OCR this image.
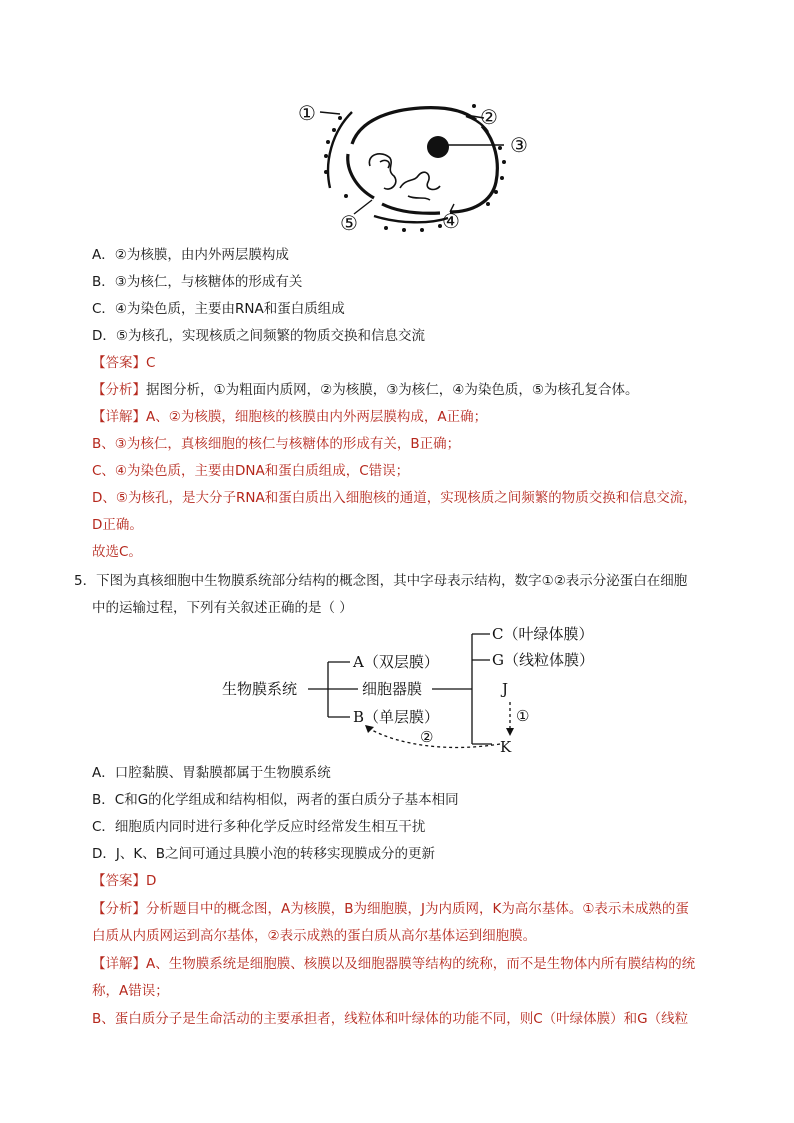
①	②
③
④
⑤
A．②为核膜，由内外两层膜构成
B．③为核仁，与核糖体的形成有关
C．④为染色质，主要由RNA和蛋白质组成
D．⑤为核孔，实现核质之间频繁的物质交换和信息交流
【答案】C
【分析】据图分析，①为粗面内质网，②为核膜，③为核仁，④为染色质，⑤为核孔复合体。
【详解】A、②为核膜，细胞核的核膜由内外两层膜构成，A正确；
B、③为核仁，真核细胞的核仁与核糖体的形成有关，B正确；
C、④为染色质，主要由DNA和蛋白质组成，C错误；
D、⑤为核孔，是大分子RNA和蛋白质出入细胞核的通道，实现核质之间频繁的物质交换和信息交流，
D正确。
故选C。
5．下图为真核细胞中生物膜系统部分结构的概念图，其中字母表示结构，数字①②表示分泌蛋白在细胞
中的运输过程，下列有关叙述正确的是（ ）
生物膜系统
A（双层膜）
细胞器膜
B（单层膜）
C（叶绿体膜）
G（线粒体膜）
J
K
①
②
A．口腔黏膜、胃黏膜都属于生物膜系统
B．C和G的化学组成和结构相似，两者的蛋白质分子基本相同
C．细胞质内同时进行多种化学反应时经常发生相互干扰
D．J、K、B之间可通过具膜小泡的转移实现膜成分的更新
【答案】D
【分析】分析题目中的概念图，A为核膜，B为细胞膜，J为内质网，K为高尔基体。①表示未成熟的蛋
白质从内质网运到高尔基体，②表示成熟的蛋白质从高尔基体运到细胞膜。
【详解】A、生物膜系统是细胞膜、核膜以及细胞器膜等结构的统称，而不是生物体内所有膜结构的统
称，A错误；
B、蛋白质分子是生命活动的主要承担者，线粒体和叶绿体的功能不同，则C（叶绿体膜）和G（线粒
